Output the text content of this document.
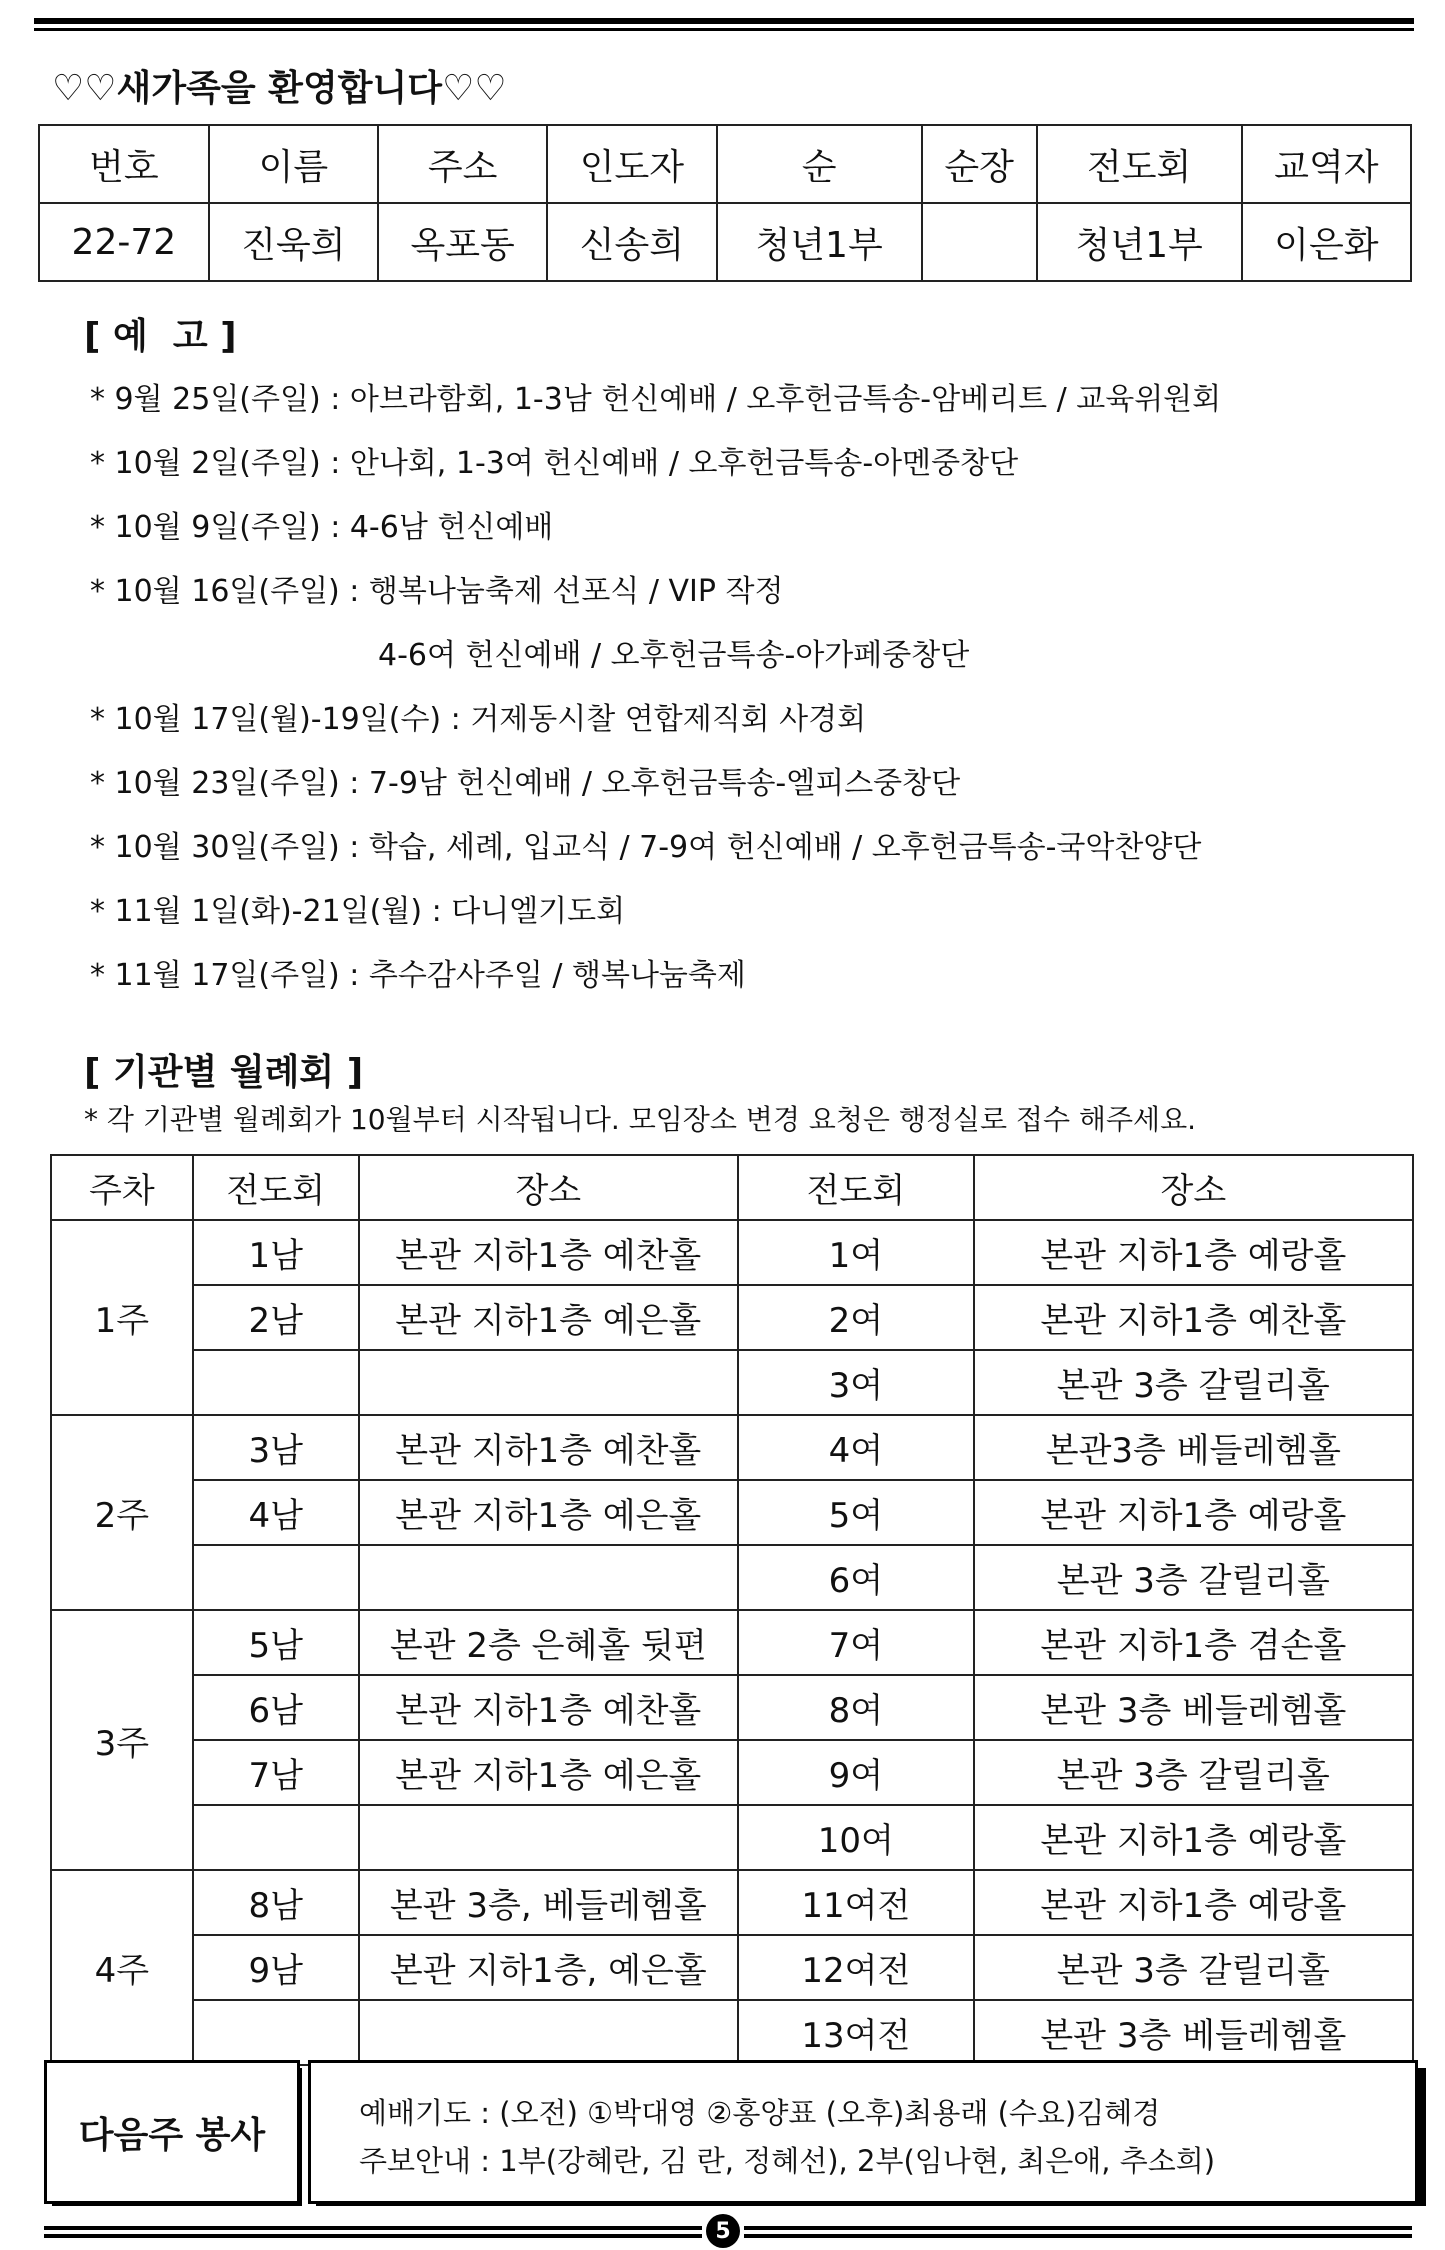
♡♡새가족을 환영합니다♡♡
번호	이름	주소	인도자	순	순장	전도회	교역자
22-72	진욱희	옥포동	신송희	청년1부		청년1부	이은화
[ 예  고 ]
* 9월 25일(주일) : 아브라함회, 1-3남 헌신예배 / 오후헌금특송-암베리트 / 교육위원회
* 10월 2일(주일) : 안나회, 1-3여 헌신예배 / 오후헌금특송-아멘중창단
* 10월 9일(주일) : 4-6남 헌신예배
* 10월 16일(주일) : 행복나눔축제 선포식 / VIP 작정
4-6여 헌신예배 / 오후헌금특송-아가페중창단
* 10월 17일(월)-19일(수) : 거제동시찰 연합제직회 사경회
* 10월 23일(주일) : 7-9남 헌신예배 / 오후헌금특송-엘피스중창단
* 10월 30일(주일) : 학습, 세례, 입교식 / 7-9여 헌신예배 / 오후헌금특송-국악찬양단
* 11월 1일(화)-21일(월) : 다니엘기도회
* 11월 17일(주일) : 추수감사주일 / 행복나눔축제
[ 기관별 월례회 ]
* 각 기관별 월례회가 10월부터 시작됩니다. 모임장소 변경 요청은 행정실로 접수 해주세요.
주차	전도회	장소	전도회	장소
1주	1남	본관 지하1층 예찬홀	1여	본관 지하1층 예랑홀
	2남	본관 지하1층 예은홀	2여	본관 지하1층 예찬홀
			3여	본관 3층 갈릴리홀
2주	3남	본관 지하1층 예찬홀	4여	본관3층 베들레헴홀
	4남	본관 지하1층 예은홀	5여	본관 지하1층 예랑홀
			6여	본관 3층 갈릴리홀
3주	5남	본관 2층 은혜홀 뒷편	7여	본관 지하1층 겸손홀
	6남	본관 지하1층 예찬홀	8여	본관 3층 베들레헴홀
	7남	본관 지하1층 예은홀	9여	본관 3층 갈릴리홀
			10여	본관 지하1층 예랑홀
4주	8남	본관 3층, 베들레헴홀	11여전	본관 지하1층 예랑홀
	9남	본관 지하1층, 예은홀	12여전	본관 3층 갈릴리홀
			13여전	본관 3층 베들레헴홀
다음주 봉사
예배기도 : (오전) ①박대영 ②홍양표 (오후)최용래 (수요)김혜경
주보안내 : 1부(강혜란, 김 란, 정혜선), 2부(임나현, 최은애, 추소희)
5
